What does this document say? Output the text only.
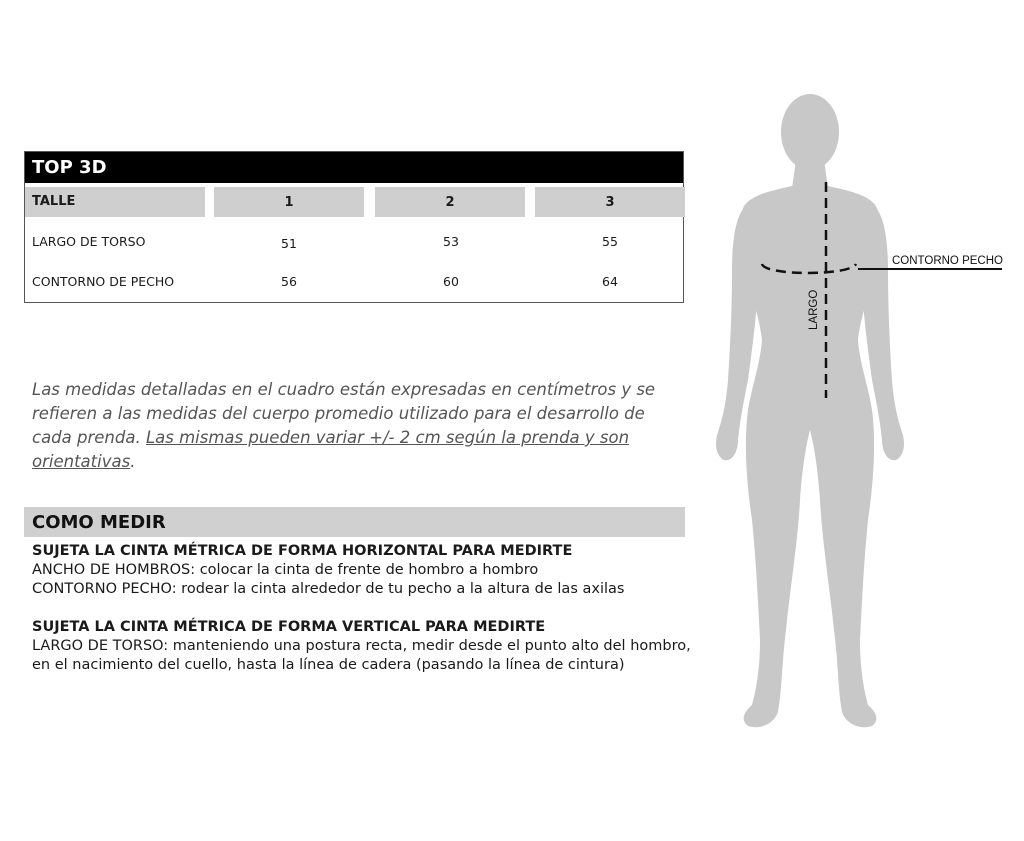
TOP 3D
TALLE	1	2	3
LARGO DE TORSO	51	53	55
CONTORNO DE PECHO	56	60	64
Las medidas detalladas en el cuadro están expresadas en centímetros y se refieren a las medidas del cuerpo promedio utilizado para el desarrollo de cada prenda. Las mismas pueden variar +/- 2 cm según la prenda y son orientativas.
COMO MEDIR
SUJETA LA CINTA MÉTRICA DE FORMA HORIZONTAL PARA MEDIRTE
ANCHO DE HOMBROS: colocar la cinta de frente de hombro a hombro
CONTORNO PECHO: rodear la cinta alrededor de tu pecho a la altura de las axilas
SUJETA LA CINTA MÉTRICA DE FORMA VERTICAL PARA MEDIRTE
LARGO DE TORSO: manteniendo una postura recta, medir desde el punto alto del hombro,
en el nacimiento del cuello, hasta la línea de cadera (pasando la línea de cintura)
CONTORNO PECHO
LARGO
